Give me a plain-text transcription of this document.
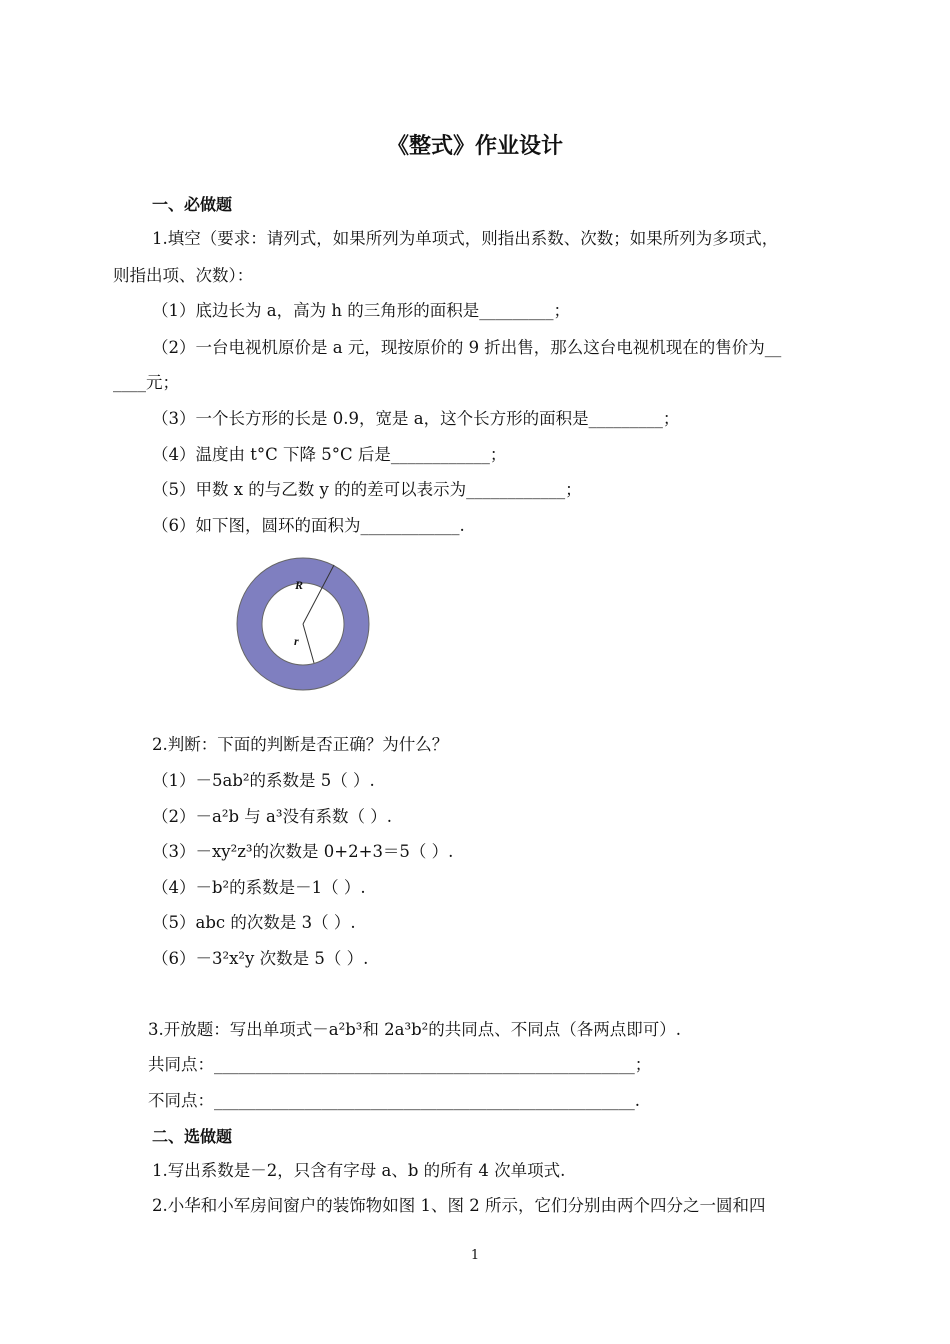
《整式》作业设计
一、必做题
1.填空（要求：请列式，如果所列为单项式，则指出系数、次数；如果所列为多项式，
则指出项、次数）：
（1）底边长为 a，高为 h 的三角形的面积是_________；
（2）一台电视机原价是 a 元，现按原价的 9 折出售，那么这台电视机现在的售价为__
____元；
（3）一个长方形的长是 0.9，宽是 a，这个长方形的面积是_________；
（4）温度由 t°C 下降 5°C 后是____________；
（5）甲数 x 的与乙数 y 的的差可以表示为____________；
（6）如下图，圆环的面积为____________.
R
r
2.判断：下面的判断是否正确？为什么？
（1）－5ab²的系数是 5（ ）.
（2）－a²b 与 a³没有系数（ ）.
（3）－xy²z³的次数是 0+2+3＝5（ ）.
（4）－b²的系数是－1（ ）.
（5）abc 的次数是 3（ ）.
（6）－3²x²y 次数是 5（ ）.
3.开放题：写出单项式－a²b³和 2a³b²的共同点、不同点（各两点即可）.
共同点：___________________________________________________；
不同点：___________________________________________________.
二、选做题
1.写出系数是－2，只含有字母 a、b 的所有 4 次单项式.
2.小华和小军房间窗户的装饰物如图 1、图 2 所示，它们分别由两个四分之一圆和四
1
